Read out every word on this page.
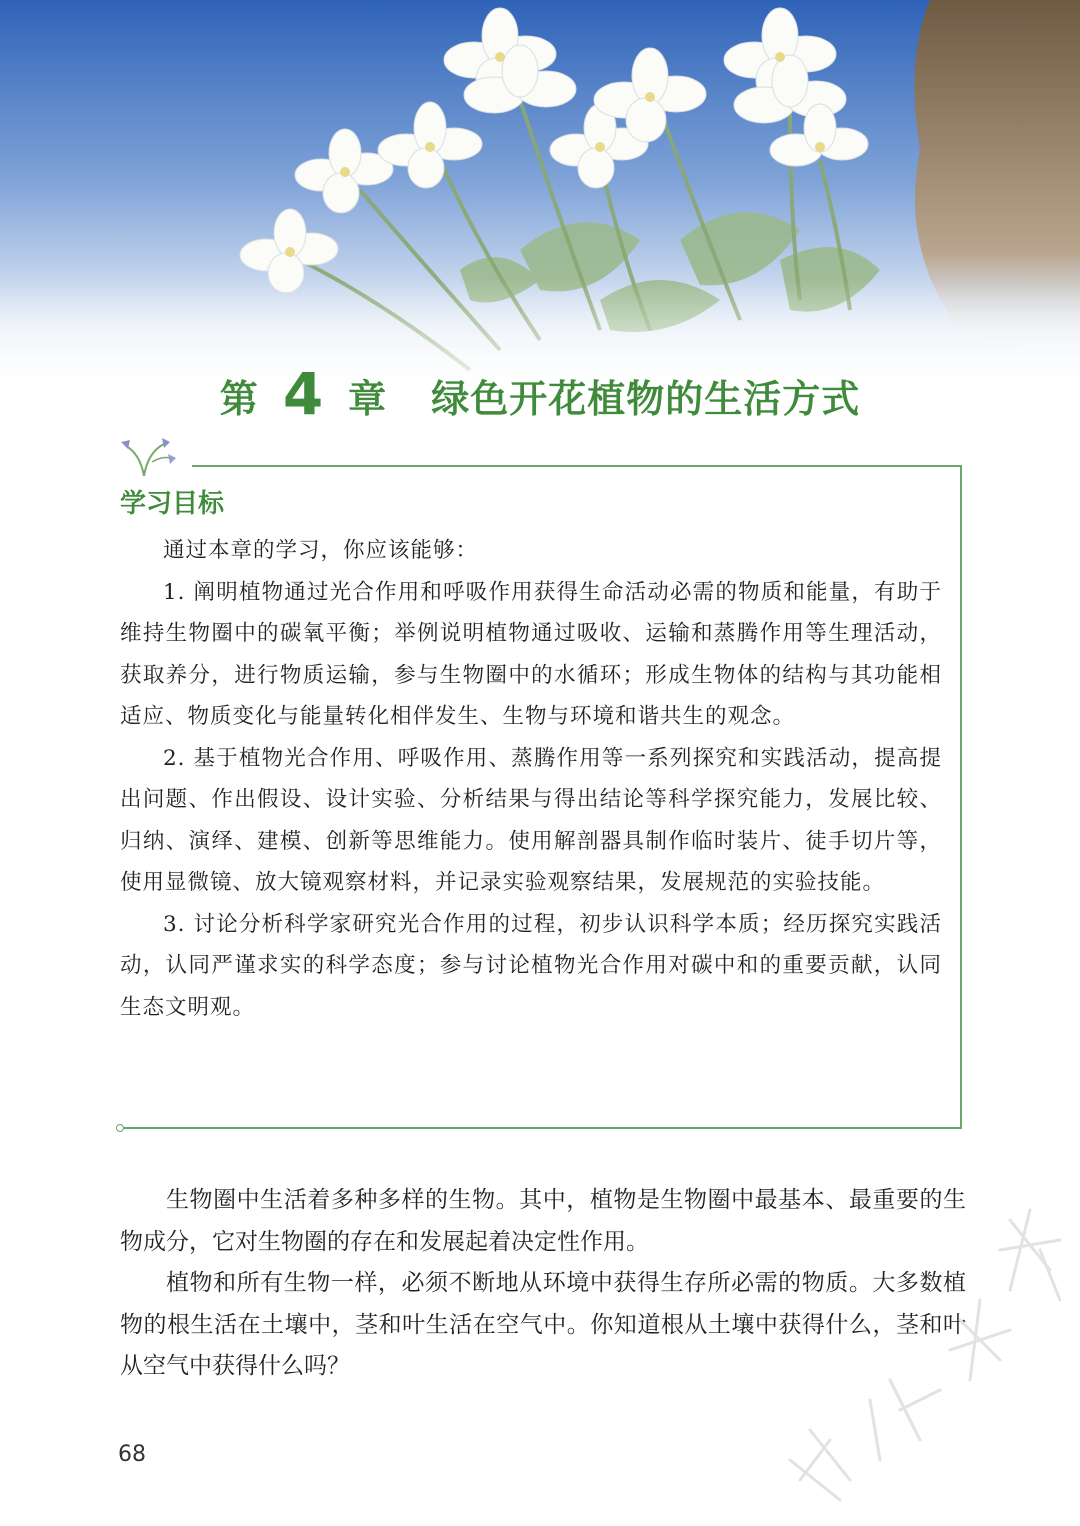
第 4 章 绿色开花植物的生活方式
学习目标

通过本章的学习，你应该能够：

1. 阐明植物通过光合作用和呼吸作用获得生命活动必需的物质和能量，有助于维持生物圈中的碳氧平衡；举例说明植物通过吸收、运输和蒸腾作用等生理活动，获取养分，进行物质运输，参与生物圈中的水循环；形成生物体的结构与其功能相适应、物质变化与能量转化相伴发生、生物与环境和谐共生的观念。

2. 基于植物光合作用、呼吸作用、蒸腾作用等一系列探究和实践活动，提高提出问题、作出假设、设计实验、分析结果与得出结论等科学探究能力，发展比较、归纳、演绎、建模、创新等思维能力。使用解剖器具制作临时装片、徒手切片等，使用显微镜、放大镜观察材料，并记录实验观察结果，发展规范的实验技能。

3. 讨论分析科学家研究光合作用的过程，初步认识科学本质；经历探究实践活动，认同严谨求实的科学态度；参与讨论植物光合作用对碳中和的重要贡献，认同生态文明观。

生物圈中生活着多种多样的生物。其中，植物是生物圈中最基本、最重要的生物成分，它对生物圈的存在和发展起着决定性作用。

植物和所有生物一样，必须不断地从环境中获得生存所必需的物质。大多数植物的根生活在土壤中，茎和叶生活在空气中。你知道根从土壤中获得什么，茎和叶从空气中获得什么吗？

68
